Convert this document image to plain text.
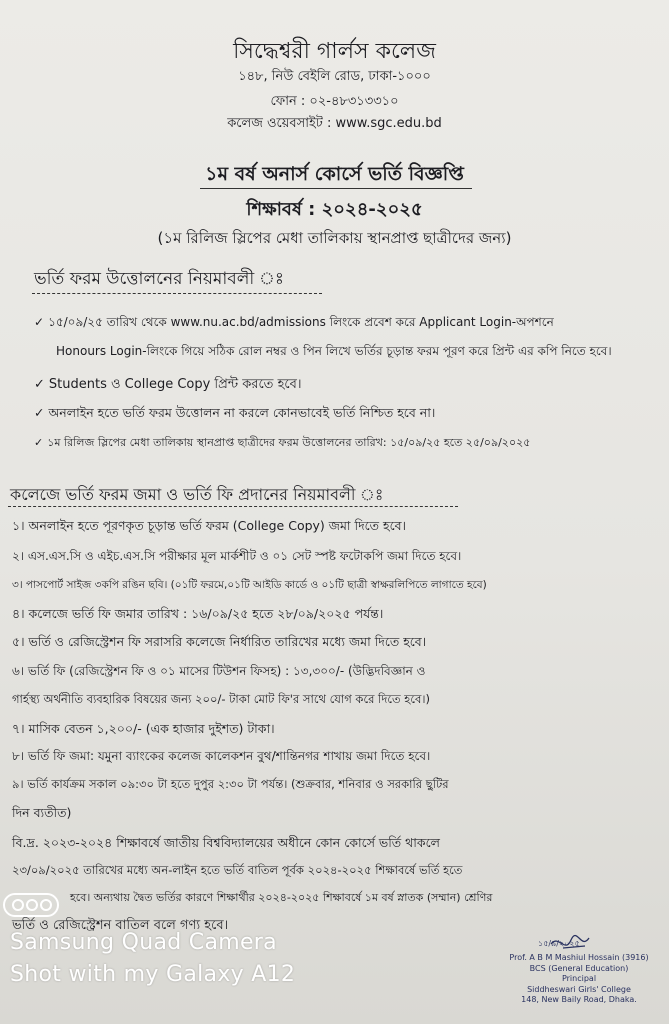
সিদ্ধেশ্বরী গার্লস কলেজ
১৪৮, নিউ বেইলি রোড, ঢাকা-১০০০
ফোন : ০২-৪৮৩১৩৩১০
কলেজ ওয়েবসাইট : www.sgc.edu.bd
১ম বর্ষ অনার্স কোর্সে ভর্তি বিজ্ঞপ্তি
শিক্ষাবর্ষ : ২০২৪-২০২৫
(১ম রিলিজ স্লিপের মেধা তালিকায় স্থানপ্রাপ্ত ছাত্রীদের জন্য)
ভর্তি ফরম উত্তোলনের নিয়মাবলী ঃ
✓ ১৫/০৯/২৫ তারিখ থেকে www.nu.ac.bd/admissions লিংকে প্রবেশ করে Applicant Login-অপশনে
Honours Login-লিংকে গিয়ে সঠিক রোল নম্বর ও পিন লিখে ভর্তির চূড়ান্ত ফরম পূরণ করে প্রিন্ট এর কপি নিতে হবে।
✓ Students ও College Copy প্রিন্ট করতে হবে।
✓ অনলাইন হতে ভর্তি ফরম উত্তোলন না করলে কোনভাবেই ভর্তি নিশ্চিত হবে না।
✓ ১ম রিলিজ স্লিপের মেধা তালিকায় স্থানপ্রাপ্ত ছাত্রীদের ফরম উত্তোলনের তারিখ: ১৫/০৯/২৫ হতে ২৫/০৯/২০২৫
কলেজে ভর্তি ফরম জমা ও ভর্তি ফি প্রদানের নিয়মাবলী ঃ
১। অনলাইন হতে পূরণকৃত চূড়ান্ত ভর্তি ফরম (College Copy) জমা দিতে হবে।
২। এস.এস.সি ও এইচ.এস.সি পরীক্ষার মূল মার্কশীট ও ০১ সেট স্পষ্ট ফটোকপি জমা দিতে হবে।
৩। পাসপোর্ট সাইজ ৩কপি রঙিন ছবি। (০১টি ফরমে,০১টি আইডি কার্ডে ও ০১টি ছাত্রী স্বাক্ষরলিপিতে লাগাতে হবে)
৪। কলেজে ভর্তি ফি জমার তারিখ : ১৬/০৯/২৫ হতে ২৮/০৯/২০২৫ পর্যন্ত।
৫। ভর্তি ও রেজিস্ট্রেশন ফি সরাসরি কলেজে নির্ধারিত তারিখের মধ্যে জমা দিতে হবে।
৬। ভর্তি ফি (রেজিস্ট্রেশন ফি ও ০১ মাসের টিউশন ফিসহ) : ১৩,৩০০/- (উদ্ভিদবিজ্ঞান ও
গার্হস্থ্য অর্থনীতি ব্যবহারিক বিষয়ের জন্য ২০০/- টাকা মোট ফি'র সাথে যোগ করে দিতে হবে।)
৭। মাসিক বেতন ১,২০০/- (এক হাজার দুইশত) টাকা।
৮। ভর্তি ফি জমা: যমুনা ব্যাংকের কলেজ কালেকশন বুথ/শান্তিনগর শাখায় জমা দিতে হবে।
৯। ভর্তি কার্যক্রম সকাল ০৯:৩০ টা হতে দুপুর ২:৩০ টা পর্যন্ত। (শুক্রবার, শনিবার ও সরকারি ছুটির
দিন ব্যতীত)
বি.দ্র. ২০২৩-২০২৪ শিক্ষাবর্ষে জাতীয় বিশ্ববিদ্যালয়ের অধীনে কোন কোর্সে ভর্তি থাকলে
২৩/০৯/২০২৫ তারিখের মধ্যে অন-লাইন হতে ভর্তি বাতিল পূর্বক ২০২৪-২০২৫ শিক্ষাবর্ষে ভর্তি হতে
হবে। অন্যথায় দ্বৈত ভর্তির কারণে শিক্ষার্থীর ২০২৪-২০২৫ শিক্ষাবর্ষে ১ম বর্ষ স্নাতক (সম্মান) শ্রেণির
ভর্তি ও রেজিস্ট্রেশন বাতিল বলে গণ্য হবে।
১৫/৯/২০২৫
Prof. A B M Mashiul Hossain (3916)
BCS (General Education)
Principal
Siddheswari Girls' College
148, New Baily Road, Dhaka.
Samsung Quad Camera
Shot with my Galaxy A12
